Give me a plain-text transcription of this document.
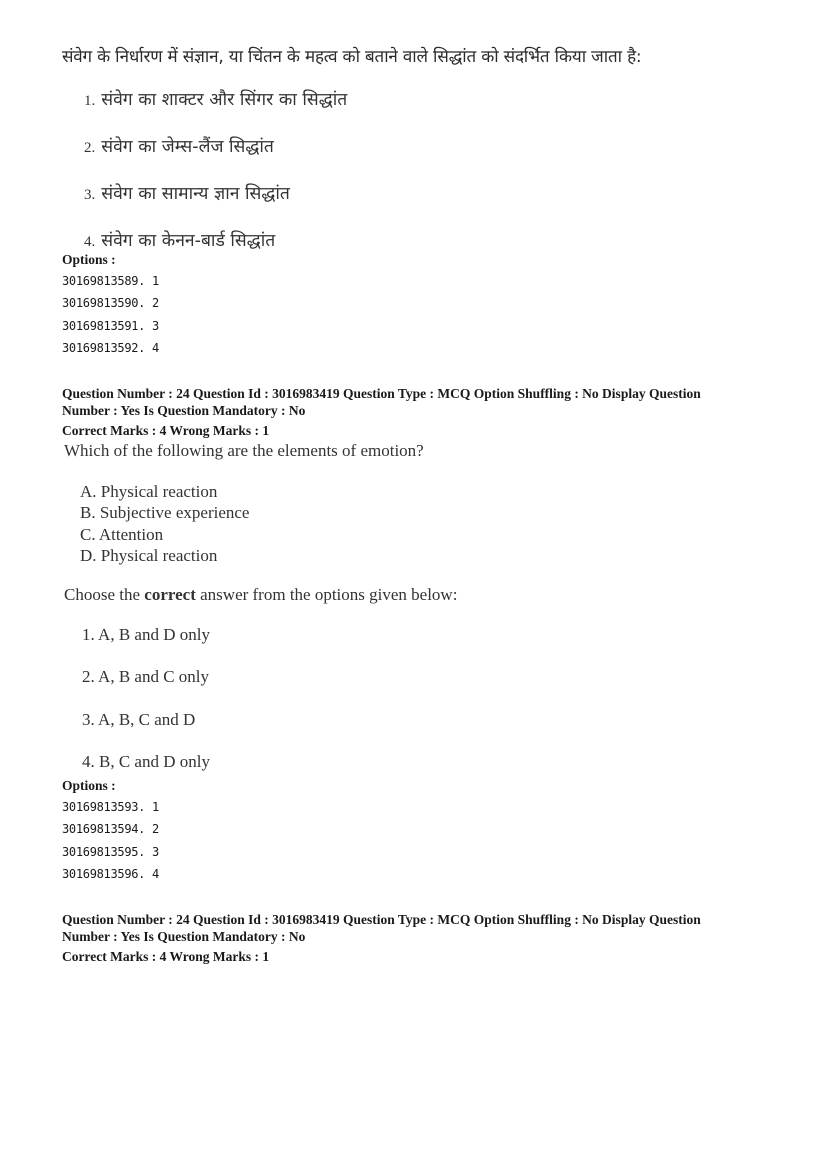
संवेग के निर्धारण में संज्ञान, या चिंतन के महत्व को बताने वाले सिद्धांत को संदर्भित किया जाता है:
1. संवेग का शाक्टर और सिंगर का सिद्धांत
2. संवेग का जेम्स-लैंज सिद्धांत
3. संवेग का सामान्य ज्ञान सिद्धांत
4. संवेग का केनन-बार्ड सिद्धांत
Options :
30169813589. 1
30169813590. 2
30169813591. 3
30169813592. 4
Question Number : 24 Question Id : 3016983419 Question Type : MCQ Option Shuffling : No Display Question
Number : Yes Is Question Mandatory : No
Correct Marks : 4 Wrong Marks : 1
Which of the following are the elements of emotion?
A. Physical reaction
B. Subjective experience
C. Attention
D. Physical reaction
Choose the correct answer from the options given below:
1. A, B and D only
2. A, B and C only
3. A, B, C and D
4. B, C and D only
Options :
30169813593. 1
30169813594. 2
30169813595. 3
30169813596. 4
Question Number : 24 Question Id : 3016983419 Question Type : MCQ Option Shuffling : No Display Question
Number : Yes Is Question Mandatory : No
Correct Marks : 4 Wrong Marks : 1
